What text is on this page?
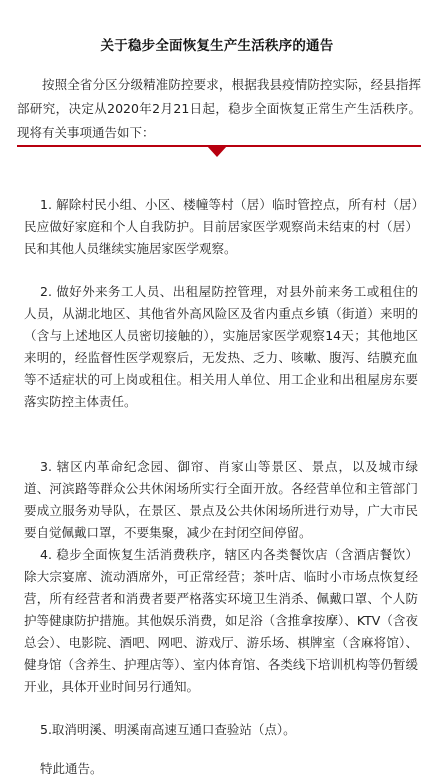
关于稳步全面恢复生产生活秩序的通告

按照全省分区分级精准防控要求，根据我县疫情防控实际，经县指挥部研究，决定从2020年2月21日起，稳步全面恢复正常生产生活秩序。现将有关事项通告如下：

1. 解除村民小组、小区、楼幢等村（居）临时管控点，所有村（居）民应做好家庭和个人自我防护。目前居家医学观察尚未结束的村（居）民和其他人员继续实施居家医学观察。

2. 做好外来务工人员、出租屋防控管理，对县外前来务工或租住的人员，从湖北地区、其他省外高风险区及省内重点乡镇（街道）来明的（含与上述地区人员密切接触的），实施居家医学观察14天；其他地区来明的，经监督性医学观察后，无发热、乏力、咳嗽、腹泻、结膜充血等不适症状的可上岗或租住。相关用人单位、用工企业和出租屋房东要落实防控主体责任。

3. 辖区内革命纪念园、御帘、肖家山等景区、景点，以及城市绿道、河滨路等群众公共休闲场所实行全面开放。各经营单位和主管部门要成立服务劝导队，在景区、景点及公共休闲场所进行劝导，广大市民要自觉佩戴口罩，不要集聚，减少在封闭空间停留。

4. 稳步全面恢复生活消费秩序，辖区内各类餐饮店（含酒店餐饮）除大宗宴席、流动酒席外，可正常经营；茶叶店、临时小市场点恢复经营，所有经营者和消费者要严格落实环境卫生消杀、佩戴口罩、个人防护等健康防护措施。其他娱乐消费，如足浴（含推拿按摩）、KTV（含夜总会）、电影院、酒吧、网吧、游戏厅、游乐场、棋牌室（含麻将馆）、健身馆（含养生、护理店等）、室内体育馆、各类线下培训机构等仍暂缓开业，具体开业时间另行通知。

5.取消明溪、明溪南高速互通口查验站（点）。

特此通告。
